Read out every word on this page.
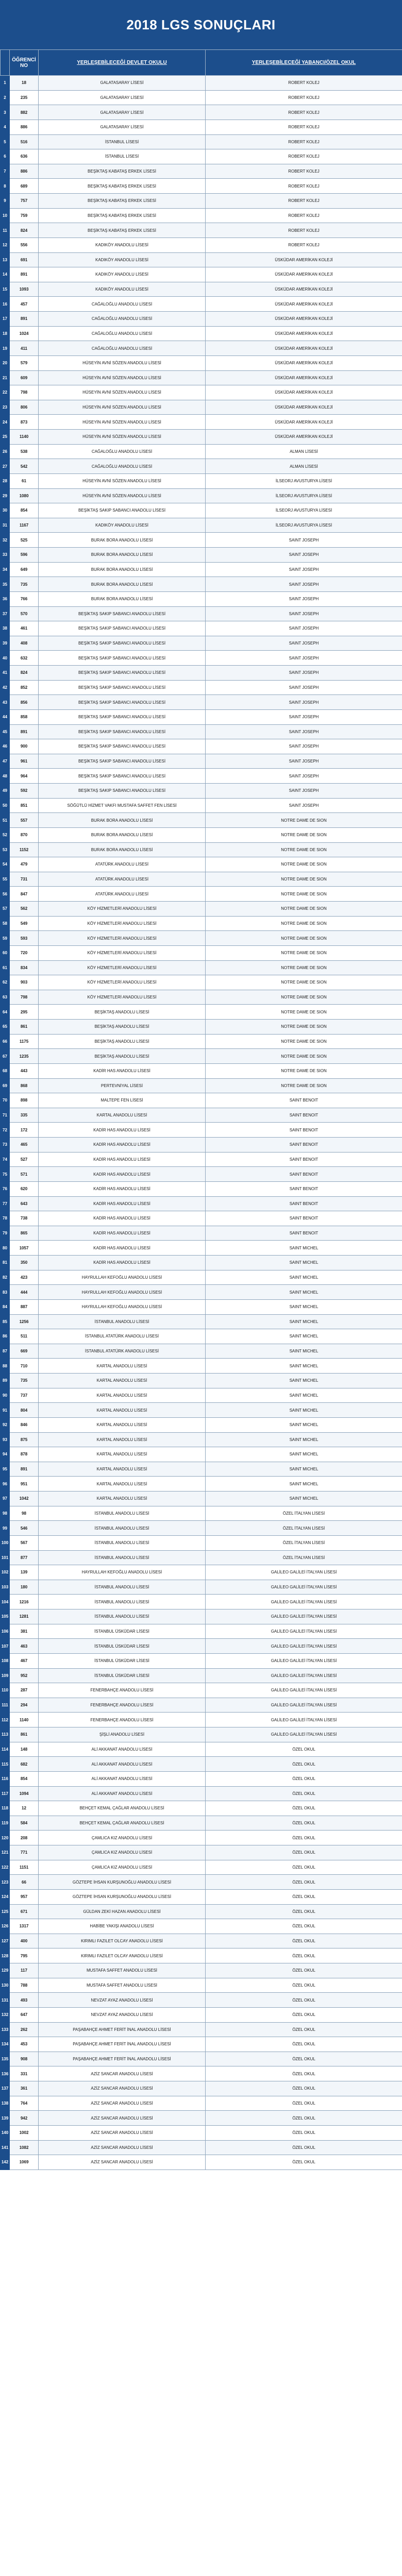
2018 LGS SONUÇLARI
	ÖĞRENCİ NO	YERLEŞEBİLECEĞİ DEVLET OKULU	YERLEŞEBİLECEĞİ YABANCI/ÖZEL OKUL
1	18	GALATASARAY LİSESİ	ROBERT KOLEJ
2	235	GALATASARAY LİSESİ	ROBERT KOLEJ
3	882	GALATASARAY LİSESİ	ROBERT KOLEJ
4	886	GALATASARAY LİSESİ	ROBERT KOLEJ
5	516	İSTANBUL LİSESİ	ROBERT KOLEJ
6	636	İSTANBUL LİSESİ	ROBERT KOLEJ
7	886	BEŞİKTAŞ KABATAŞ ERKEK LİSESİ	ROBERT KOLEJ
8	689	BEŞİKTAŞ KABATAŞ ERKEK LİSESİ	ROBERT KOLEJ
9	757	BEŞİKTAŞ KABATAŞ ERKEK LİSESİ	ROBERT KOLEJ
10	759	BEŞİKTAŞ KABATAŞ ERKEK LİSESİ	ROBERT KOLEJ
11	824	BEŞİKTAŞ KABATAŞ ERKEK LİSESİ	ROBERT KOLEJ
12	556	KADIKÖY ANADOLU LİSESİ	ROBERT KOLEJ
13	691	KADIKÖY ANADOLU LİSESİ	ÜSKÜDAR AMERİKAN KOLEJİ
14	891	KADIKÖY ANADOLU LİSESİ	ÜSKÜDAR AMERİKAN KOLEJİ
15	1093	KADIKÖY ANADOLU LİSESİ	ÜSKÜDAR AMERİKAN KOLEJİ
16	457	CAĞALOĞLU ANADOLU LİSESİ	ÜSKÜDAR AMERİKAN KOLEJİ
17	891	CAĞALOĞLU ANADOLU LİSESİ	ÜSKÜDAR AMERİKAN KOLEJİ
18	1024	CAĞALOĞLU ANADOLU LİSESİ	ÜSKÜDAR AMERİKAN KOLEJİ
19	411	CAĞALOĞLU ANADOLU LİSESİ	ÜSKÜDAR AMERİKAN KOLEJİ
20	579	HÜSEYİN AVNİ SÖZEN ANADOLU LİSESİ	ÜSKÜDAR AMERİKAN KOLEJİ
21	609	HÜSEYİN AVNİ SÖZEN ANADOLU LİSESİ	ÜSKÜDAR AMERİKAN KOLEJİ
22	798	HÜSEYİN AVNİ SÖZEN ANADOLU LİSESİ	ÜSKÜDAR AMERİKAN KOLEJİ
23	806	HÜSEYİN AVNİ SÖZEN ANADOLU LİSESİ	ÜSKÜDAR AMERİKAN KOLEJİ
24	873	HÜSEYİN AVNİ SÖZEN ANADOLU LİSESİ	ÜSKÜDAR AMERİKAN KOLEJİ
25	1140	HÜSEYİN AVNİ SÖZEN ANADOLU LİSESİ	ÜSKÜDAR AMERİKAN KOLEJİ
26	538	CAĞALOĞLU ANADOLU LİSESİ	ALMAN LİSESİ
27	542	CAĞALOĞLU ANADOLU LİSESİ	ALMAN LİSESİ
28	61	HÜSEYİN AVNİ SÖZEN ANADOLU LİSESİ	İLSEORJ AVUSTURYA LİSESİ
29	1080	HÜSEYİN AVNİ SÖZEN ANADOLU LİSESİ	İLSEORJ AVUSTURYA LİSESİ
30	854	BEŞİKTAŞ SAKIP SABANCI ANADOLU LİSESİ	İLSEORJ AVUSTURYA LİSESİ
31	1167	KADIKÖY ANADOLU LİSESİ	İLSEORJ AVUSTURYA LİSESİ
32	525	BURAK BORA ANADOLU LİSESİ	SAINT JOSEPH
33	596	BURAK BORA ANADOLU LİSESİ	SAINT JOSEPH
34	649	BURAK BORA ANADOLU LİSESİ	SAINT JOSEPH
35	735	BURAK BORA ANADOLU LİSESİ	SAINT JOSEPH
36	766	BURAK BORA ANADOLU LİSESİ	SAINT JOSEPH
37	570	BEŞİKTAŞ SAKIP SABANCI ANADOLU LİSESİ	SAINT JOSEPH
38	461	BEŞİKTAŞ SAKIP SABANCI ANADOLU LİSESİ	SAINT JOSEPH
39	408	BEŞİKTAŞ SAKIP SABANCI ANADOLU LİSESİ	SAINT JOSEPH
40	632	BEŞİKTAŞ SAKIP SABANCI ANADOLU LİSESİ	SAINT JOSEPH
41	824	BEŞİKTAŞ SAKIP SABANCI ANADOLU LİSESİ	SAINT JOSEPH
42	852	BEŞİKTAŞ SAKIP SABANCI ANADOLU LİSESİ	SAINT JOSEPH
43	856	BEŞİKTAŞ SAKIP SABANCI ANADOLU LİSESİ	SAINT JOSEPH
44	858	BEŞİKTAŞ SAKIP SABANCI ANADOLU LİSESİ	SAINT JOSEPH
45	891	BEŞİKTAŞ SAKIP SABANCI ANADOLU LİSESİ	SAINT JOSEPH
46	900	BEŞİKTAŞ SAKIP SABANCI ANADOLU LİSESİ	SAINT JOSEPH
47	961	BEŞİKTAŞ SAKIP SABANCI ANADOLU LİSESİ	SAINT JOSEPH
48	964	BEŞİKTAŞ SAKIP SABANCI ANADOLU LİSESİ	SAINT JOSEPH
49	592	BEŞİKTAŞ SAKIP SABANCI ANADOLU LİSESİ	SAINT JOSEPH
50	851	SÖĞÜTLÜ HİZMET VAKFI MUSTAFA SAFFET FEN LİSESİ	SAINT JOSEPH
51	557	BURAK BORA ANADOLU LİSESİ	NOTRE DAME DE SION
52	870	BURAK BORA ANADOLU LİSESİ	NOTRE DAME DE SION
53	1152	BURAK BORA ANADOLU LİSESİ	NOTRE DAME DE SION
54	479	ATATÜRK ANADOLU LİSESİ	NOTRE DAME DE SION
55	731	ATATÜRK ANADOLU LİSESİ	NOTRE DAME DE SION
56	847	ATATÜRK ANADOLU LİSESİ	NOTRE DAME DE SION
57	562	KÖY HİZMETLERİ ANADOLU LİSESİ	NOTRE DAME DE SION
58	549	KÖY HİZMETLERİ ANADOLU LİSESİ	NOTRE DAME DE SION
59	593	KÖY HİZMETLERİ ANADOLU LİSESİ	NOTRE DAME DE SION
60	720	KÖY HİZMETLERİ ANADOLU LİSESİ	NOTRE DAME DE SION
61	834	KÖY HİZMETLERİ ANADOLU LİSESİ	NOTRE DAME DE SION
62	903	KÖY HİZMETLERİ ANADOLU LİSESİ	NOTRE DAME DE SION
63	798	KÖY HİZMETLERİ ANADOLU LİSESİ	NOTRE DAME DE SION
64	295	BEŞİKTAŞ ANADOLU LİSESİ	NOTRE DAME DE SION
65	861	BEŞİKTAŞ ANADOLU LİSESİ	NOTRE DAME DE SION
66	1175	BEŞİKTAŞ ANADOLU LİSESİ	NOTRE DAME DE SION
67	1235	BEŞİKTAŞ ANADOLU LİSESİ	NOTRE DAME DE SION
68	443	KADİR HAS ANADOLU LİSESİ	NOTRE DAME DE SION
69	868	PERTEVNİYAL LİSESİ	NOTRE DAME DE SION
70	898	MALTEPE FEN LİSESİ	SAINT BENOIT
71	335	KARTAL ANADOLU LİSESİ	SAINT BENOIT
72	172	KADİR HAS ANADOLU LİSESİ	SAINT BENOIT
73	465	KADİR HAS ANADOLU LİSESİ	SAINT BENOIT
74	527	KADİR HAS ANADOLU LİSESİ	SAINT BENOIT
75	571	KADİR HAS ANADOLU LİSESİ	SAINT BENOIT
76	620	KADİR HAS ANADOLU LİSESİ	SAINT BENOIT
77	643	KADİR HAS ANADOLU LİSESİ	SAINT BENOIT
78	738	KADİR HAS ANADOLU LİSESİ	SAINT BENOIT
79	865	KADİR HAS ANADOLU LİSESİ	SAINT BENOIT
80	1057	KADİR HAS ANADOLU LİSESİ	SAINT MICHEL
81	350	KADİR HAS ANADOLU LİSESİ	SAINT MICHEL
82	423	HAYRULLAH KEFOĞLU ANADOLU LİSESİ	SAINT MICHEL
83	444	HAYRULLAH KEFOĞLU ANADOLU LİSESİ	SAINT MICHEL
84	887	HAYRULLAH KEFOĞLU ANADOLU LİSESİ	SAINT MICHEL
85	1256	İSTANBUL ANADOLU LİSESİ	SAINT MICHEL
86	511	İSTANBUL ATATÜRK ANADOLU LİSESİ	SAINT MICHEL
87	669	İSTANBUL ATATÜRK ANADOLU LİSESİ	SAINT MICHEL
88	710	KARTAL ANADOLU LİSESİ	SAINT MICHEL
89	735	KARTAL ANADOLU LİSESİ	SAINT MICHEL
90	737	KARTAL ANADOLU LİSESİ	SAINT MICHEL
91	804	KARTAL ANADOLU LİSESİ	SAINT MICHEL
92	846	KARTAL ANADOLU LİSESİ	SAINT MICHEL
93	875	KARTAL ANADOLU LİSESİ	SAINT MICHEL
94	878	KARTAL ANADOLU LİSESİ	SAINT MICHEL
95	891	KARTAL ANADOLU LİSESİ	SAINT MICHEL
96	951	KARTAL ANADOLU LİSESİ	SAINT MICHEL
97	1042	KARTAL ANADOLU LİSESİ	SAINT MICHEL
98	98	İSTANBUL ANADOLU LİSESİ	ÖZEL İTALYAN LİSESİ
99	546	İSTANBUL ANADOLU LİSESİ	ÖZEL İTALYAN LİSESİ
100	567	İSTANBUL ANADOLU LİSESİ	ÖZEL İTALYAN LİSESİ
101	877	İSTANBUL ANADOLU LİSESİ	ÖZEL İTALYAN LİSESİ
102	139	HAYRULLAH KEFOĞLU ANADOLU LİSESİ	GALİLEO GALİLEİ İTALYAN LİSESİ
103	180	İSTANBUL ANADOLU LİSESİ	GALİLEO GALİLEİ İTALYAN LİSESİ
104	1216	İSTANBUL ANADOLU LİSESİ	GALİLEO GALİLEİ İTALYAN LİSESİ
105	1281	İSTANBUL ANADOLU LİSESİ	GALİLEO GALİLEİ İTALYAN LİSESİ
106	381	İSTANBUL ÜSKÜDAR LİSESİ	GALİLEO GALİLEİ İTALYAN LİSESİ
107	463	İSTANBUL ÜSKÜDAR LİSESİ	GALİLEO GALİLEİ İTALYAN LİSESİ
108	467	İSTANBUL ÜSKÜDAR LİSESİ	GALİLEO GALİLEİ İTALYAN LİSESİ
109	952	İSTANBUL ÜSKÜDAR LİSESİ	GALİLEO GALİLEİ İTALYAN LİSESİ
110	287	FENERBAHÇE ANADOLU LİSESİ	GALİLEO GALİLEİ İTALYAN LİSESİ
111	294	FENERBAHÇE ANADOLU LİSESİ	GALİLEO GALİLEİ İTALYAN LİSESİ
112	1140	FENERBAHÇE ANADOLU LİSESİ	GALİLEO GALİLEİ İTALYAN LİSESİ
113	861	ŞİŞLİ ANADOLU LİSESİ	GALİLEO GALİLEİ İTALYAN LİSESİ
114	148	ALİ AKKANAT ANADOLU LİSESİ	ÖZEL OKUL
115	682	ALİ AKKANAT ANADOLU LİSESİ	ÖZEL OKUL
116	854	ALİ AKKANAT ANADOLU LİSESİ	ÖZEL OKUL
117	1094	ALİ AKKANAT ANADOLU LİSESİ	ÖZEL OKUL
118	12	BEHÇET KEMAL ÇAĞLAR ANADOLU LİSESİ	ÖZEL OKUL
119	584	BEHÇET KEMAL ÇAĞLAR ANADOLU LİSESİ	ÖZEL OKUL
120	208	ÇAMLICA KIZ ANADOLU LİSESİ	ÖZEL OKUL
121	771	ÇAMLICA KIZ ANADOLU LİSESİ	ÖZEL OKUL
122	1151	ÇAMLICA KIZ ANADOLU LİSESİ	ÖZEL OKUL
123	66	GÖZTEPE İHSAN KURŞUNOĞLU ANADOLU LİSESİ	ÖZEL OKUL
124	957	GÖZTEPE İHSAN KURŞUNOĞLU ANADOLU LİSESİ	ÖZEL OKUL
125	671	GÜLDAN ZEKİ HAZAN ANADOLU LİSESİ	ÖZEL OKUL
126	1317	HABİBE YAKIŞI ANADOLU LİSESİ	ÖZEL OKUL
127	400	KIRIMLI FAZILET OLCAY ANADOLU LİSESİ	ÖZEL OKUL
128	795	KIRIMLI FAZILET OLCAY ANADOLU LİSESİ	ÖZEL OKUL
129	117	MUSTAFA SAFFET ANADOLU LİSESİ	ÖZEL OKUL
130	788	MUSTAFA SAFFET ANADOLU LİSESİ	ÖZEL OKUL
131	493	NEVZAT AYAZ ANADOLU LİSESİ	ÖZEL OKUL
132	647	NEVZAT AYAZ ANADOLU LİSESİ	ÖZEL OKUL
133	262	PAŞABAHÇE AHMET FERİT İNAL ANADOLU LİSESİ	ÖZEL OKUL
134	453	PAŞABAHÇE AHMET FERİT İNAL ANADOLU LİSESİ	ÖZEL OKUL
135	908	PAŞABAHÇE AHMET FERİT İNAL ANADOLU LİSESİ	ÖZEL OKUL
136	331	AZİZ SANCAR ANADOLU LİSESİ	ÖZEL OKUL
137	361	AZİZ SANCAR ANADOLU LİSESİ	ÖZEL OKUL
138	764	AZİZ SANCAR ANADOLU LİSESİ	ÖZEL OKUL
139	942	AZİZ SANCAR ANADOLU LİSESİ	ÖZEL OKUL
140	1002	AZİZ SANCAR ANADOLU LİSESİ	ÖZEL OKUL
141	1082	AZİZ SANCAR ANADOLU LİSESİ	ÖZEL OKUL
142	1069	AZİZ SANCAR ANADOLU LİSESİ	ÖZEL OKUL
